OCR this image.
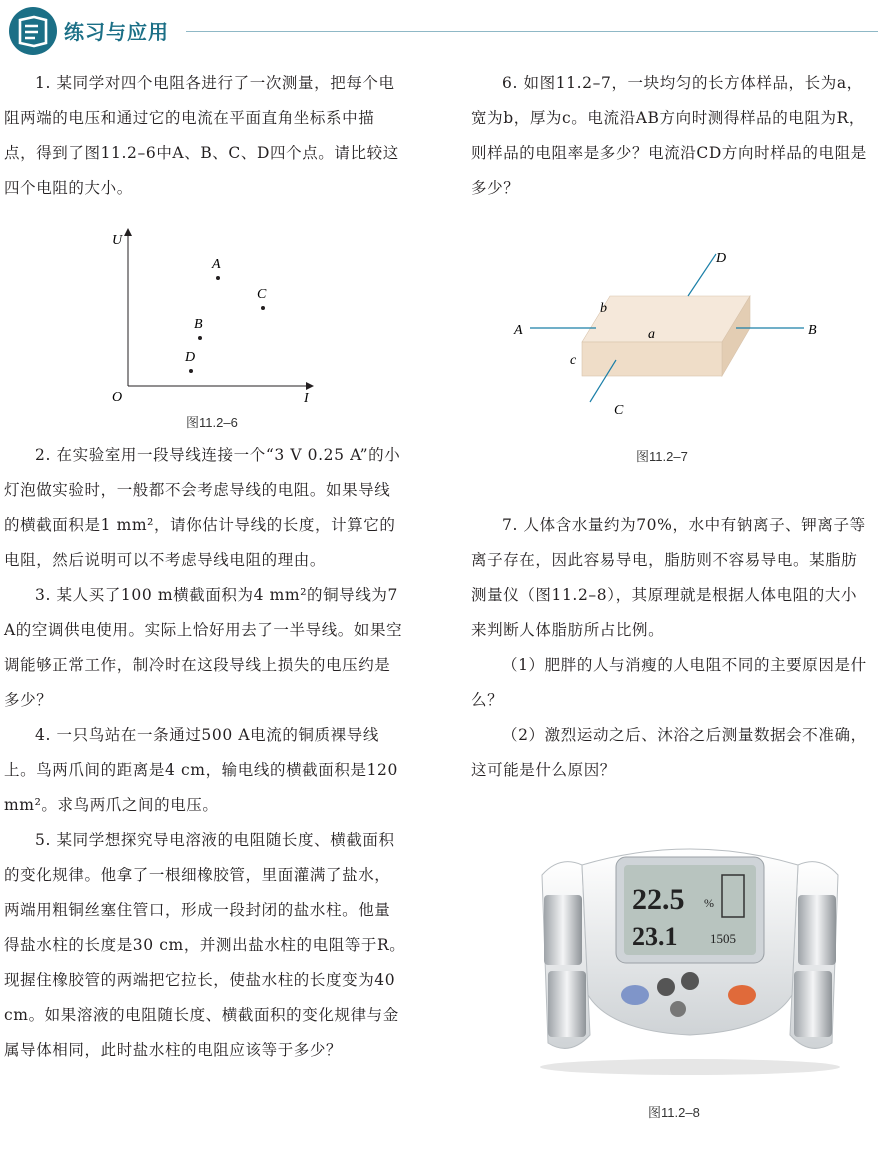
练习与应用

1. 某同学对四个电阻各进行了一次测量，把每个电阻两端的电压和通过它的电流在平面直角坐标系中描点，得到了图11.2–6中A、B、C、D四个点。请比较这四个电阻的大小。

2. 在实验室用一段导线连接一个“3 V 0.25 A”的小灯泡做实验时，一般都不会考虑导线的电阻。如果导线的横截面积是1 mm²，请你估计导线的长度，计算它的电阻，然后说明可以不考虑导线电阻的理由。

3. 某人买了100 m横截面积为4 mm²的铜导线为7 A的空调供电使用。实际上恰好用去了一半导线。如果空调能够正常工作，制冷时在这段导线上损失的电压约是多少？

4. 一只鸟站在一条通过500 A电流的铜质裸导线上。鸟两爪间的距离是4 cm，输电线的横截面积是120 mm²。求鸟两爪之间的电压。

5. 某同学想探究导电溶液的电阻随长度、横截面积的变化规律。他拿了一根细橡胶管，里面灌满了盐水，两端用粗铜丝塞住管口，形成一段封闭的盐水柱。他量得盐水柱的长度是30 cm，并测出盐水柱的电阻等于R。现握住橡胶管的两端把它拉长，使盐水柱的长度变为40 cm。如果溶液的电阻随长度、横截面积的变化规律与金属导体相同，此时盐水柱的电阻应该等于多少？

U
I
O
A
B
C
D
图11.2–6

6. 如图11.2–7，一块均匀的长方体样品，长为a，宽为b，厚为c。电流沿AB方向时测得样品的电阻为R，则样品的电阻率是多少？电流沿CD方向时样品的电阻是多少？

7. 人体含水量约为70%，水中有钠离子、钾离子等离子存在，因此容易导电，脂肪则不容易导电。某脂肪测量仪（图11.2–8），其原理就是根据人体电阻的大小来判断人体脂肪所占比例。

（1）肥胖的人与消瘦的人电阻不同的主要原因是什么？

（2）激烈运动之后、沐浴之后测量数据会不准确，这可能是什么原因？

A	B
D
C
a
b
c
图11.2–7
22.5 %
23.1	1505
图11.2–8
